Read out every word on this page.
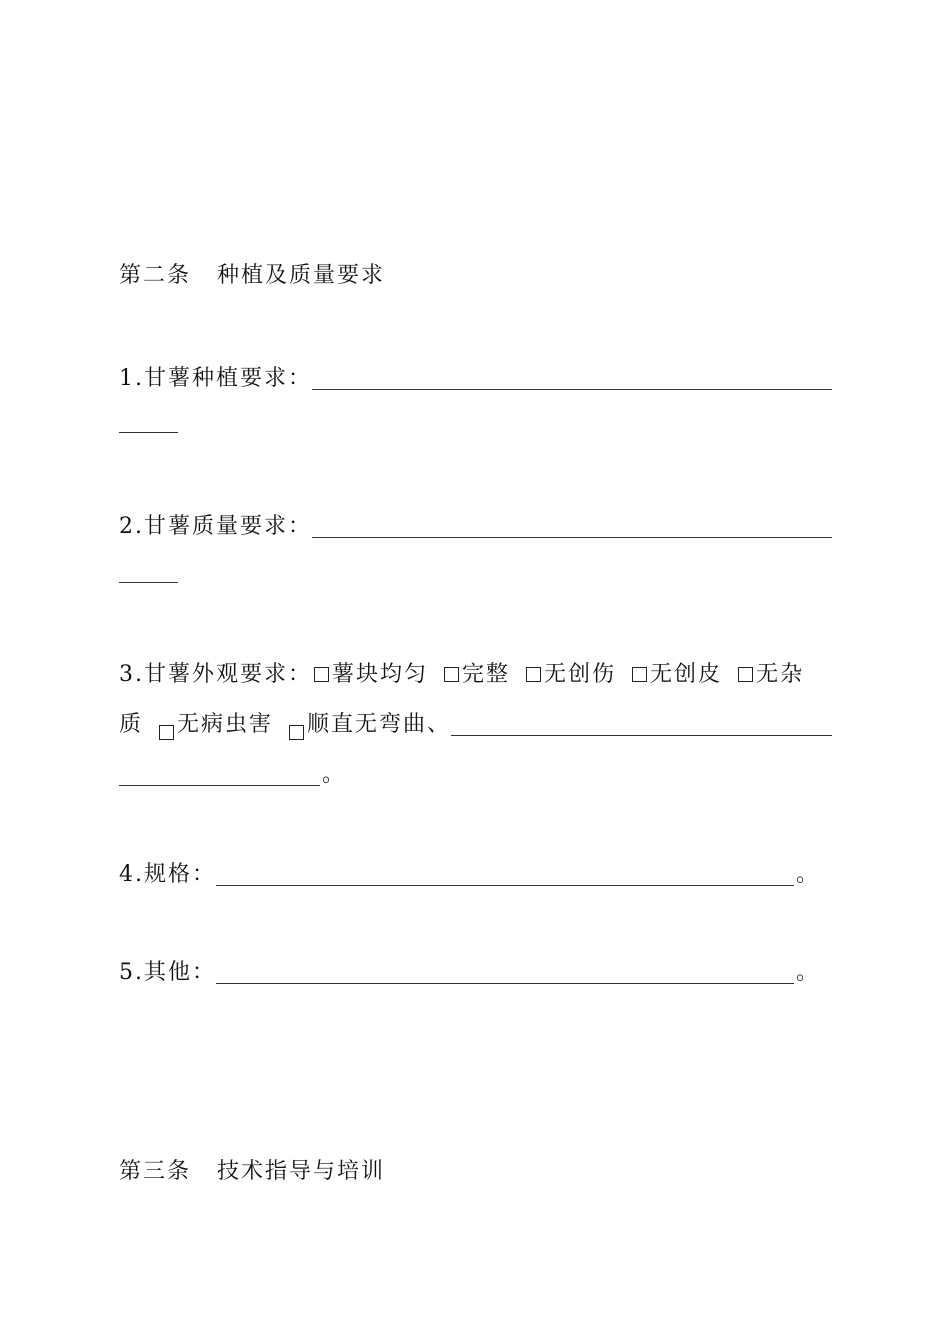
第二条 种植及质量要求
1.甘薯种植要求：
2.甘薯质量要求：
3.甘薯外观要求： 薯块均匀 完整 无创伤 无创皮 无杂
质 无病虫害 顺直无弯曲、
。
4.规格：	。
5.其他：	。
第三条 技术指导与培训
